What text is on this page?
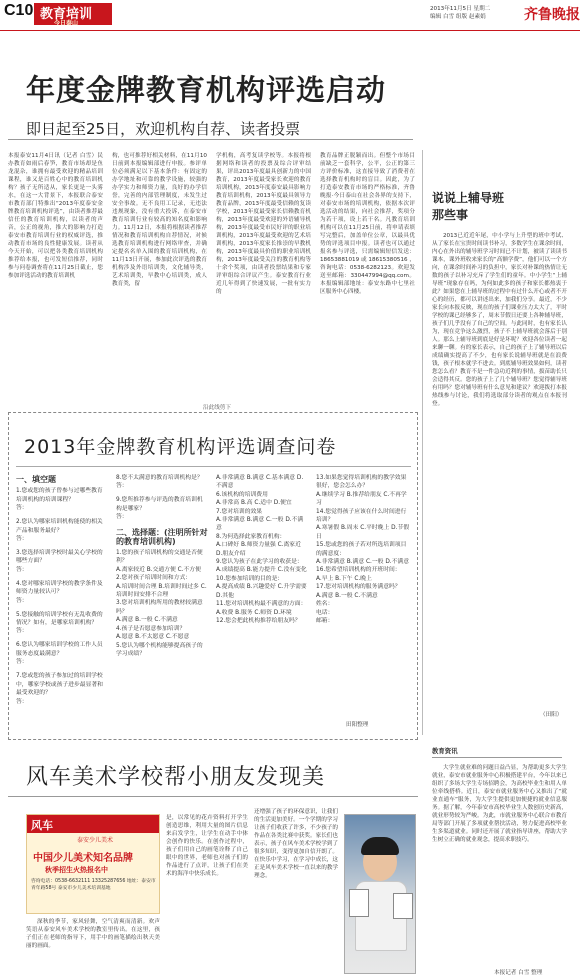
C10 教育培训
今日泰山
2013年11月5日 星期二
编辑 白雪 组版 赵素娟	齐鲁晚报
年度金牌教育机构评选启动
即日起至25日，欢迎机构自荐、读者投票
本报泰安11月4日讯（记者 白雪）民办教育如雨后春笋，教育市场却是鱼龙混杂，谁拥有最受欢迎的精品培训课程，谁又是百姓心中的教育培训机构？孩子无所适从，家长更是一头雾水，在这一大背景下，本报联合泰安市教育部门特推出“2013年度泰安金牌教育培训机构评选”，由读者推荐最信任的教育培训机构，以读者的声音，公正的视角，推大的影响力打造泰安市教育培训行业的权威评选，推动教育市场的良性健康发展。读者从今天开始，可以把各类教育培训机构推荐给本报，也可发短信推荐，同时参与问卷调查将在11月25日截止，您参加评选活动的教育培训机
构，也可推荐好相关材料，在11月10日前到本报编辑部进行申报。参评单位必须满足以下基本条件：有固定的办学地址和可靠的教学设施，较强的办学实力和师资力量，良好的办学信誉，完善的内部管理制度，未发生过安全事故。无不良用工记录，无违法违规现象，没有重大投诉，在泰安市教育培训行业有较高的知名度和影响力。11月12日，本报将根据读者推荐情况和教育培训机构自荐情况，对候选教育培训机构进行网络审查，并确定提名名单入围的教育培训机构，在11月13日开展，参加此次评选的教育机构涉及外语培训类，文化辅导类，艺术培训类，早教中心培训类，成人教育类，留
学机构，高考复读学校等。本报将根据网络和读者的投票及综合评审结果，评出2013年度最具创新力的中国教育，2013年度最受家长欢迎的教育培训机构，2013年度泰安最具影响力教育培训机构，2013年度最具领导力教育品牌，2013年度最受信赖的复读学校，2013年度最受家长信赖教育机构，2013年度最受欢迎的外语辅导机构，2013年度最受市民好评的职业培训机构，2013年度最受欢迎的艺术培训机构，2013年度家长推崇的早教机构，2013年度最具价值的职业培训机构，2013年度最受关注的教育机构等十余个奖项，由读者投票结果和专家评审组综合评议产生。泰安教育行业近几年得到了快速发展，一批有实力的
教育品牌正脱颖而出。但整个市场目前缺乏一套科学，公平，公正的第三方评价标准，这直接导致了消费者在选择教育机构时的盲目。因此，为了打造泰安教育市场的严格标准，齐鲁晚报·今日泰山在社会各界的支持下，对泰安市场的培训机构，依据本次评选活动的结果，向社会推荐，奖项分为若干项，设上若干名。凡教育培训机构可以在11月25日前，将申请表填写完整后，加盖单位公章，以最具优势的评选项目申报。读者也可以通过报名参与评选，只需编辑短信发送：18653881019或18615380516，咨询电话：0538-6282123。欢迎发送至邮箱：330447994@qq.com。本报编辑部地址：泰安东路中七里社区服务中心四楼。
说说上辅导班
那些事
2013已近近年尾，中小学与上升型的班中考试、从了家长在宝贵时间读书补习，多数学生在课余时间，内心在外出的辅导班学习时间已不计划，被读了读读书课本，课外班收来家长的“高额学费”，他们可以一个方向，在课余时间补习的负担中，家长对补课的热情让无数的孩子以补习充斥了学生们的童年。中小学生“上辅导班”现象存在吗，为何如此多的孩子和家长都热衷于此？如果您在上辅导班的过程中有过什么开心或者不开心的经历，都可以讲述出来，加我们分享。最近，不少家长向本报反映，现在的孩子们课业压力太大了，平时学校的课已经够多了，周末节假日还要上各种辅导班，孩子们几乎没有了自己的空间。与此同时，也有家长认为，现在竞争这么激烈，孩子不上辅导班就会落后于别人。那么上辅导班到底是好是坏呢？欢迎各位读者一起来聊一聊。有的家长表示，自己的孩子上了辅导班以后成绩确实提高了不少，也有家长说辅导班就是在浪费钱，孩子根本就学不进去。到底辅导班效果如何，读者您怎么看？教育不是一件急功近利的事情，拔苗助长只会适得其反。您的孩子上了几个辅导班？您觉得辅导班有用吗？您对辅导班有什么意见和建议？欢迎拨打本报热线参与讨论，我们将选取部分读者的观点在本报刊登。
（田阳）
沿此线剪下
2013年金牌教育机构评选调查问卷
一、填空题
1.您或您的孩子曾参与过哪些教育培训机构的培训课程？
答：
2.您认为哪家培训机构能使的相关产品和服务最好？
答：
3.您选择培训学校时最关心学校的哪些方面？
答：
4.您对哪家培训学校的教学条件及师资力量较认可？
答：
5.您接触的培训学校有无乱收费的情况？如有，是哪家培训机构？
答：
6.您认为哪家培训学校的工作人员服务态度最满意？
答：
7.您或您的孩子参加过的培训学校中，哪家学校或孩子进步最显著和最受欢迎的？
答：
8.您不太满意的教育培训机构是？
答：
9.您所推荐参与评选的教育培训机构是哪家？
答：
二、选择题：(注明所针对的教育培训机构)
1.您的孩子培训机构的交通是否便利？
A.离家较近 B.交通方便 C.不方便
2.您对孩子培训时间和方式：
A.培训时间合理 B.培训时间过多 C.培训时间安排不合理
3.您对培训机构所用的教材较满意吗？
A.满意 B.一般 C.不满意
4.孩子是否愿意参加培训？
A.愿意 B.不太愿意 C.不愿意
5.您认为哪个机构能够提高孩子的学习成绩？
A.非常满意 B.满意 C.基本满意 D.不满意
6.该机构的培训费用
A.非常高 B.高 C.适中 D.便宜
7.您对培训的效果
A.非常满意 B.满意 C.一般 D.不满意
8.为何选择此家教育机构：
A.口碑好 B.师资力量强 C.离家近 D.朋友介绍
9.您认为孩子在此学习的收获是：
A.成绩提高 B.能力提升 C.没有变化
10.您参加培训的目的是：
A.提高成绩 B.兴趣爱好 C.升学需要 D.其他
11.您对培训机构最不满意的方面：
A.收费 B.服务 C.师资 D.环境
12.您会把此机构推荐给朋友吗？
13.如果您觉得培训机构的教学效果很好，您会怎么办？
A.继续学习 B.推荐给朋友 C.不再学习
14.您觉得孩子应该在什么时间进行培训？
A.寒暑假 B.周末 C.平时晚上 D.节假日
15.您或您的孩子若对所选培训项目的满意度：
A.非常满意 B.满意 C.一般 D.不满意
16.您希望培训机构的开班时间：
A.早上 B.下午 C.晚上
17.您对培训机构的服务满意吗？
A.满意 B.一般 C.不满意
姓名：
电话：
邮箱：
田阳整理
风车美术学校帮小朋友发现美
风车
泰安少儿美术
中国少儿美术知名品牌
秋季招生火热报名中
咨询电话：0538-6632111 13325287656 地址：泰安市青年路58号 泰安市少儿美术培训基地
深秋的季节，家风轻舞，空气清爽而清新。欢声笑语从泰安风车美术学校的教室里传出。在这里，孩子们正在老师的指导下，用手中的画笔描绘出秋天美丽的画面。
是，以常见的花卉资料打开学生创造思维，利用大量的图片信息来启发学生，让学生在动手中体会创作的快乐。在创作过程中，孩子们用自己的画笔诠释了自己眼中的世界，老师也对孩子们的作品进行了点评，让孩子们在美术的海洋中快乐成长。
还增强了孩子的环保意识，让我们的生活更加美好。一个学期的学习让孩子们收获了许多，不少孩子的作品在各类比赛中获奖。家长们也表示，孩子在风车美术学校学到了很多知识，变得更加自信开朗了。在快乐中学习，在学习中成长，这正是风车美术学校一直以来的教学理念。
教育资讯
大学生就业难的问题日益凸显，为帮助更多大学生就业，泰安市就业服务中心积极搭建平台，今年以来已组织了多场大学生专场招聘会，为高校毕业生和用人单位牵线搭桥。近日，泰安市就业服务中心又推出了“就业直通车”服务，为大学生提供更加便捷的就业信息服务。据了解，今年泰安市高校毕业生人数创历史新高，就业形势较为严峻。为此，市就业服务中心联合市教育局等部门开展了多项就业帮扶活动，努力促进高校毕业生多渠道就业。同时还开展了就业指导讲座，帮助大学生树立正确的就业观念，提高求职技巧。
本报记者 白雪 整理
